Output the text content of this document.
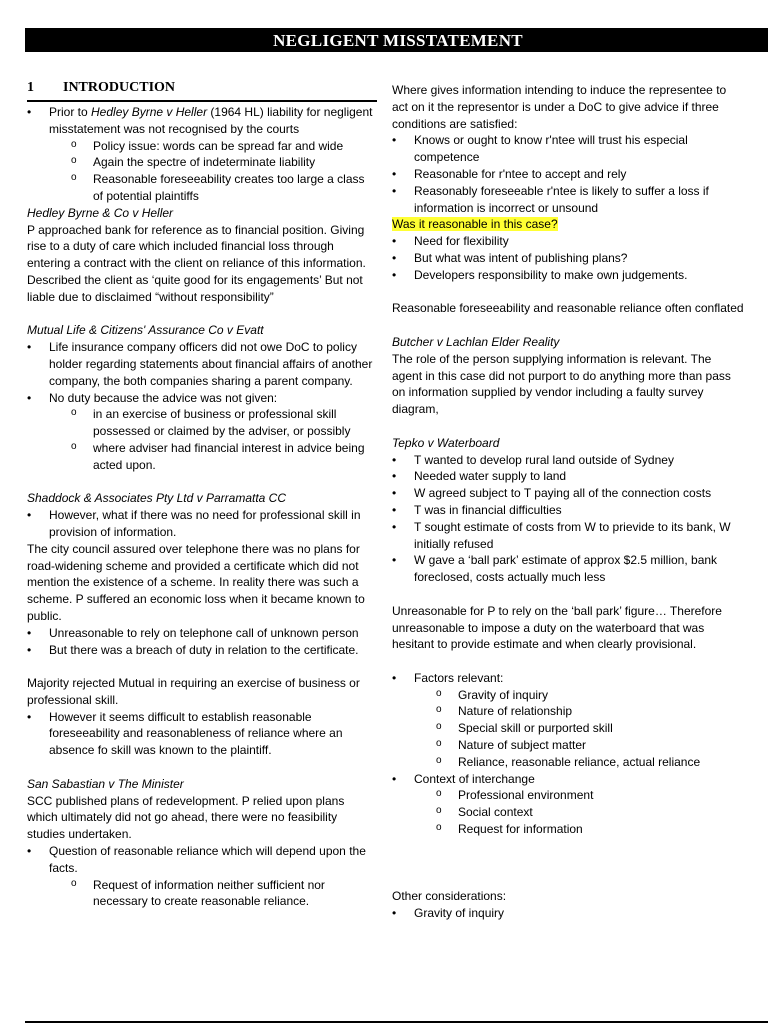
NEGLIGENT MISSTATEMENT
1 INTRODUCTION
• Prior to Hedley Byrne v Heller (1964 HL) liability for negligent misstatement was not recognised by the courts
o Policy issue: words can be spread far and wide
o Again the spectre of indeterminate liability
o Reasonable foreseeability creates too large a class of potential plaintiffs

Hedley Byrne & Co v Heller

P approached bank for reference as to financial position. Giving rise to a duty of care which included financial loss through entering a contract with the client on reliance of this information. Described the client as ‘quite good for its engagements’ But not liable due to disclaimed “without responsibility”

Mutual Life & Citizens' Assurance Co v Evatt

• Life insurance company officers did not owe DoC to policy holder regarding statements about financial affairs of another company, the both companies sharing a parent company.
• No duty because the advice was not given:
o in an exercise of business or professional skill possessed or claimed by the adviser, or possibly
o where adviser had financial interest in advice being acted upon.

Shaddock & Associates Pty Ltd v Parramatta CC

• However, what if there was no need for professional skill in provision of information.

The city council assured over telephone there was no plans for road-widening scheme and provided a certificate which did not mention the existence of a scheme. In reality there was such a scheme. P suffered an economic loss when it became known to public.

• Unreasonable to rely on telephone call of unknown person
• But there was a breach of duty in relation to the certificate.

Majority rejected Mutual in requiring an exercise of business or professional skill.

• However it seems difficult to establish reasonable foreseeability and reasonableness of reliance where an absence fo skill was known to the plaintiff.

San Sabastian v The Minister

SCC published plans of redevelopment. P relied upon plans which ultimately did not go ahead, there were no feasibility studies undertaken.

• Question of reasonable reliance which will depend upon the facts.
o Request of information neither sufficient nor necessary to create reasonable reliance.

Where gives information intending to induce the representee to act on it the representor is under a DoC to give advice if three conditions are satisfied:

• Knows or ought to know r'ntee will trust his especial competence
• Reasonable for r'ntee to accept and rely
• Reasonably foreseeable r'ntee is likely to suffer a loss if information is incorrect or unsound

Was it reasonable in this case?

• Need for flexibility
• But what was intent of publishing plans?
• Developers responsibility to make own judgements.

Reasonable foreseeability and reasonable reliance often conflated

Butcher v Lachlan Elder Reality

The role of the person supplying information is relevant. The agent in this case did not purport to do anything more than pass on information supplied by vendor including a faulty survey diagram,

Tepko v Waterboard

• T wanted to develop rural land outside of Sydney
• Needed water supply to land
• W agreed subject to T paying all of the connection costs
• T was in financial difficulties
• T sought estimate of costs from W to prievide to its bank, W initially refused
• W gave a ‘ball park’ estimate of approx $2.5 million, bank foreclosed, costs actually much less

Unreasonable for P to rely on the ‘ball park’ figure… Therefore unreasonable to impose a duty on the waterboard that was hesitant to provide estimate and when clearly provisional.

• Factors relevant:
o Gravity of inquiry
o Nature of relationship
o Special skill or purported skill
o Nature of subject matter
o Reliance, reasonable reliance, actual reliance
• Context of interchange
o Professional environment
o Social context
o Request for information

Other considerations:

• Gravity of inquiry
